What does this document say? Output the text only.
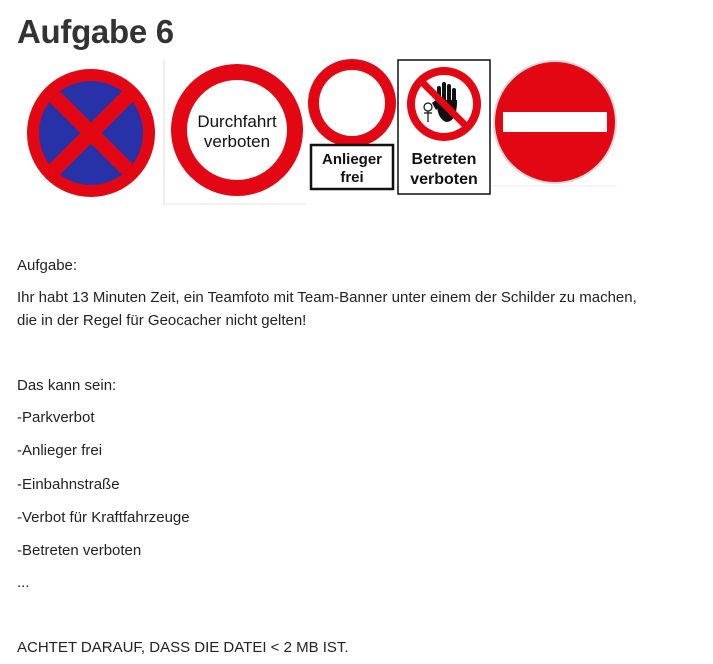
Aufgabe 6
Durchfahrt
verboten
Anlieger
frei
Betreten
verboten

Aufgabe:

Ihr habt 13 Minuten Zeit, ein Teamfoto mit Team-Banner unter einem der Schilder zu machen,

die in der Regel für Geocacher nicht gelten!

Das kann sein:

-Parkverbot

-Anlieger frei

-Einbahnstraße

-Verbot für Kraftfahrzeuge

-Betreten verboten

...

ACHTET DARAUF, DASS DIE DATEI < 2 MB IST.
